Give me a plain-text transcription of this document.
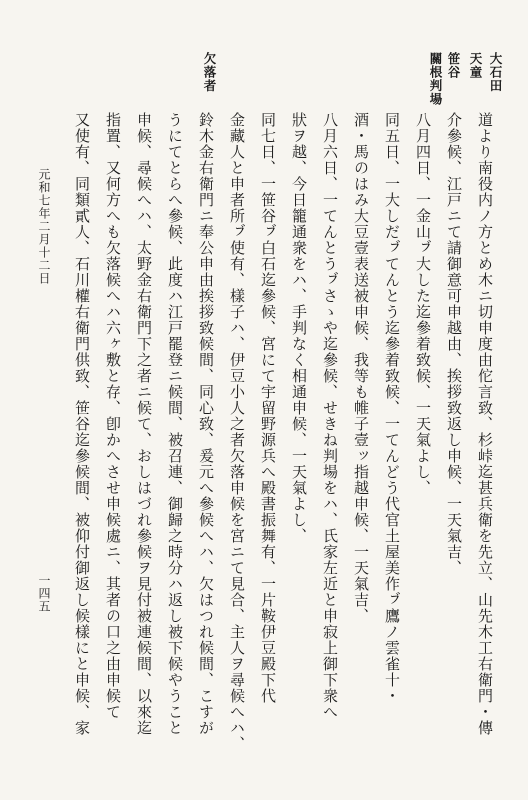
大石田
天童
笹谷
關根判場
欠落者
道より南役内ノ方とめ木ニ切申度由佗言致、杉峠迄甚兵衛を先立、山先木工右衛門・傳
介參候、江戸ニて請御意可申越由、挨拶致返し申候、一天氣吉、
八月四日、一金山ㇷ゙大した迄參着致候、一天氣よし、
同五日、一大しだㇷ゙てんとう迄參着致候、一てんどう代官土屋美作ㇷ゙鷹ノ雲雀十・
酒・馬のはみ大豆壹表送被申候、我等も帷子壹ッ指越申候、一天氣吉、
八月六日、一てんとうㇷ゙さゝや迄參候、せきね判場をハ、氏家左近と申寂上御下衆へ
狀ヲ越、今日籠通衆をハ、手判なく相通申候、一天氣よし、
同七日、一笹谷ㇷ゙白石迄參候、宮にて宇留野源兵へ殿書振舞有、一片鞍伊豆殿下代
金藏人と申者所ㇷ゙使有、樣子ハ、伊豆小人之者欠落申候を宮ニて見合、主人ヲ尋候へハ、
鈴木金右衛門ニ奉公申由挨拶致候間、同心致、爰元へ參候へハ、欠はつれ候間、こすが
うにてとらへ參候、此度ハ江戸罷登ニ候間、被召連、御歸之時分ハ返し被下候やうこと
申候、尋候へハ、太野金右衛門下之者ニ候て、おしはづれ參候ヲ見付被連候間、以來迄
指置、又何方へも欠落候へハ六ヶ敷と存、卽かへさせ申候處ニ、其者の口之由申候て
又使有、同類貳人、石川權右衛門供致、笹谷迄參候間、被仰付御返し候樣にと申候、家
元和七年二月十二日
一四五
